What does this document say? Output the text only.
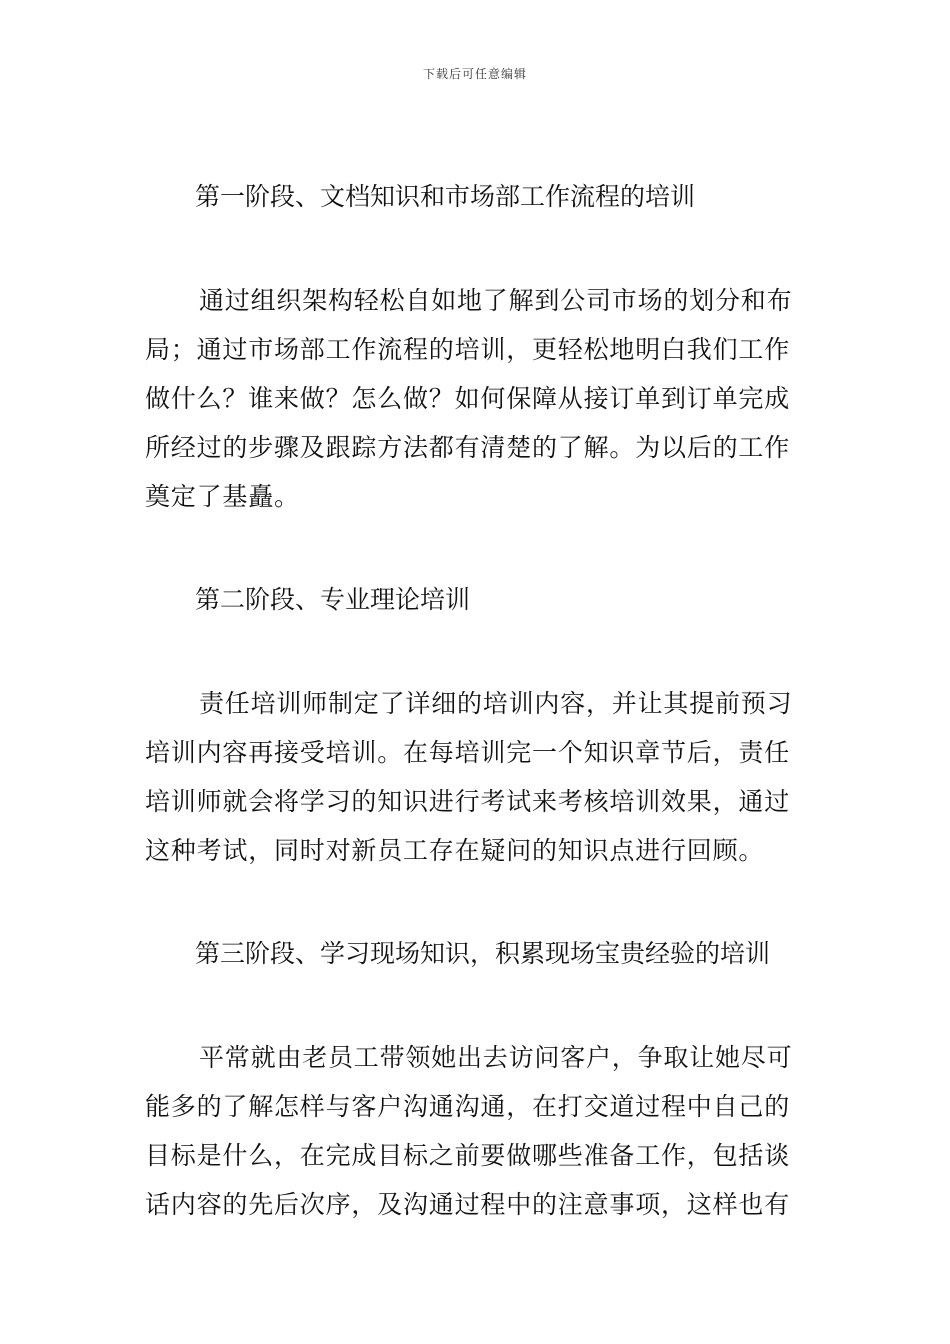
下载后可任意编辑
第一阶段、文档知识和市场部工作流程的培训
通过组织架构轻松自如地了解到公司市场的划分和布
局；通过市场部工作流程的培训，更轻松地明白我们工作
做什么？谁来做？怎么做？如何保障从接订单到订单完成
所经过的步骤及跟踪方法都有清楚的了解。为以后的工作
奠定了基矗。
第二阶段、专业理论培训
责任培训师制定了详细的培训内容，并让其提前预习
培训内容再接受培训。在每培训完一个知识章节后，责任
培训师就会将学习的知识进行考试来考核培训效果，通过
这种考试，同时对新员工存在疑问的知识点进行回顾。
第三阶段、学习现场知识，积累现场宝贵经验的培训
平常就由老员工带领她出去访问客户，争取让她尽可
能多的了解怎样与客户沟通沟通，在打交道过程中自己的
目标是什么，在完成目标之前要做哪些准备工作，包括谈
话内容的先后次序，及沟通过程中的注意事项，这样也有
